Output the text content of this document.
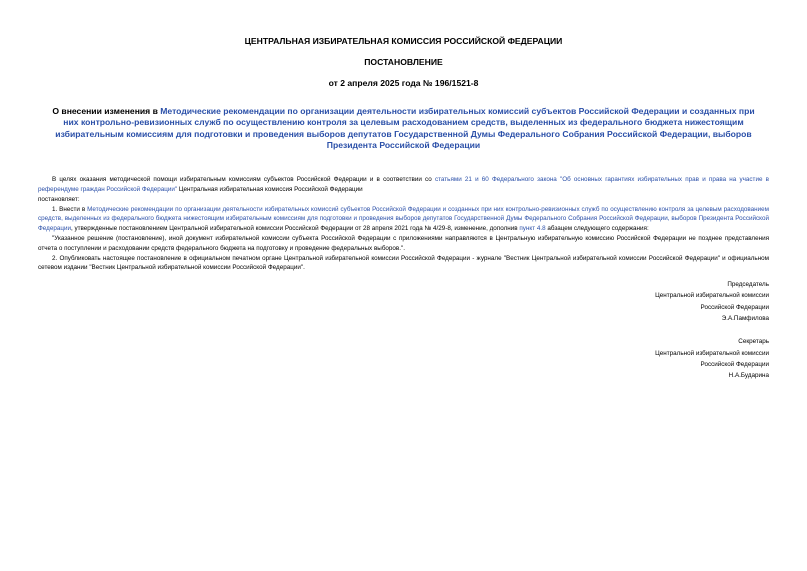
ЦЕНТРАЛЬНАЯ ИЗБИРАТЕЛЬНАЯ КОМИССИЯ РОССИЙСКОЙ ФЕДЕРАЦИИ
ПОСТАНОВЛЕНИЕ
от 2 апреля 2025 года № 196/1521-8
О внесении изменения в Методические рекомендации по организации деятельности избирательных комиссий субъектов Российской Федерации и созданных при них контрольно-ревизионных служб по осуществлению контроля за целевым расходованием средств, выделенных из федерального бюджета нижестоящим избирательным комиссиям для подготовки и проведения выборов депутатов Государственной Думы Федерального Собрания Российской Федерации, выборов Президента Российской Федерации

В целях оказания методической помощи избирательным комиссиям субъектов Российской Федерации и в соответствии со статьями 21 и 60 Федерального закона "Об основных гарантиях избирательных прав и права на участие в референдуме граждан Российской Федерации" Центральная избирательная комиссия Российской Федерации

постановляет:

1. Внести в Методические рекомендации по организации деятельности избирательных комиссий субъектов Российской Федерации и созданных при них контрольно-ревизионных служб по осуществлению контроля за целевым расходованием средств, выделенных из федерального бюджета нижестоящим избирательным комиссиям для подготовки и проведения выборов депутатов Государственной Думы Федерального Собрания Российской Федерации, выборов Президента Российской Федерации, утвержденные постановлением Центральной избирательной комиссии Российской Федерации от 28 апреля 2021 года № 4/29-8, изменение, дополнив пункт 4.8 абзацем следующего содержания:

"Указанное решение (постановление), иной документ избирательной комиссии субъекта Российской Федерации с приложениями направляются в Центральную избирательную комиссию Российской Федерации не позднее представления отчета о поступлении и расходовании средств федерального бюджета на подготовку и проведение федеральных выборов.".

2. Опубликовать настоящее постановление в официальном печатном органе Центральной избирательной комиссии Российской Федерации - журнале "Вестник Центральной избирательной комиссии Российской Федерации" и официальном сетевом издании "Вестник Центральной избирательной комиссии Российской Федерации".

Председатель
Центральной избирательной комиссии
Российской Федерации
Э.А.Памфилова
Секретарь
Центральной избирательной комиссии
Российской Федерации
Н.А.Бударина
